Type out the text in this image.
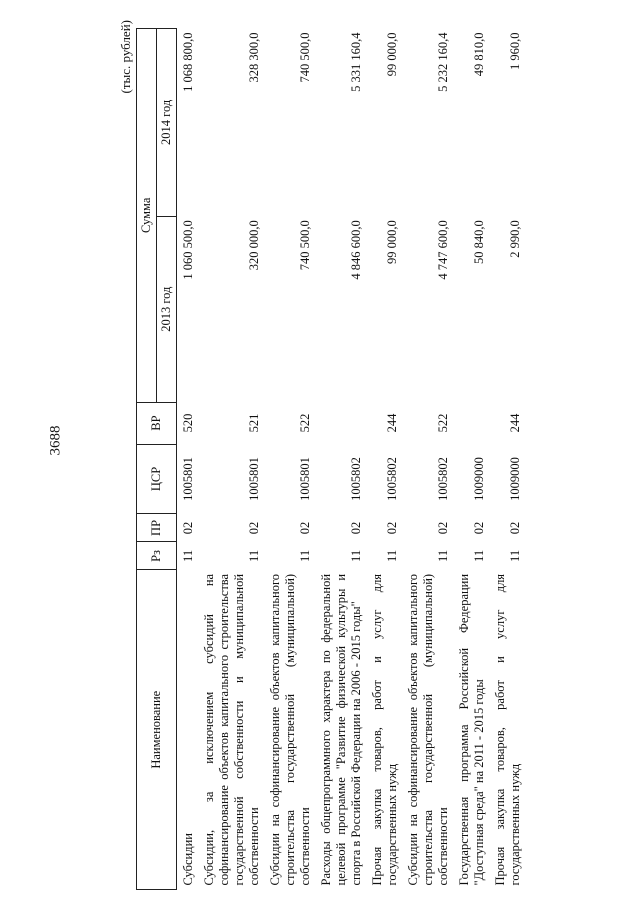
3688
(тыс. рублей)
Наименование	Рз	ПР	ЦСР	ВР	Сумма	
					2013 год	2014 год
Субсидии	11	02	1005801	520	1 060 500,0	1 068 800,0
Субсидии, за исключением субсидий на софинансирование объектов капитального строительства государственной собственности и муниципальной собственности	11	02	1005801	521	320 000,0	328 300,0
Субсидии на софинансирование объектов капитального строительства государственной (муниципальной) собственности	11	02	1005801	522	740 500,0	740 500,0
Расходы общепрограммного характера по федеральной целевой программе "Развитие физической культуры и спорта в Российской Федерации на 2006 - 2015 годы"	11	02	1005802		4 846 600,0	5 331 160,4
Прочая закупка товаров, работ и услуг для государственных нужд	11	02	1005802	244	99 000,0	99 000,0
Субсидии на софинансирование объектов капитального строительства государственной (муниципальной) собственности	11	02	1005802	522	4 747 600,0	5 232 160,4
Государственная программа Российской Федерации "Доступная среда" на 2011 - 2015 годы	11	02	1009000		50 840,0	49 810,0
Прочая закупка товаров, работ и услуг для государственных нужд	11	02	1009000	244	2 990,0	1 960,0
